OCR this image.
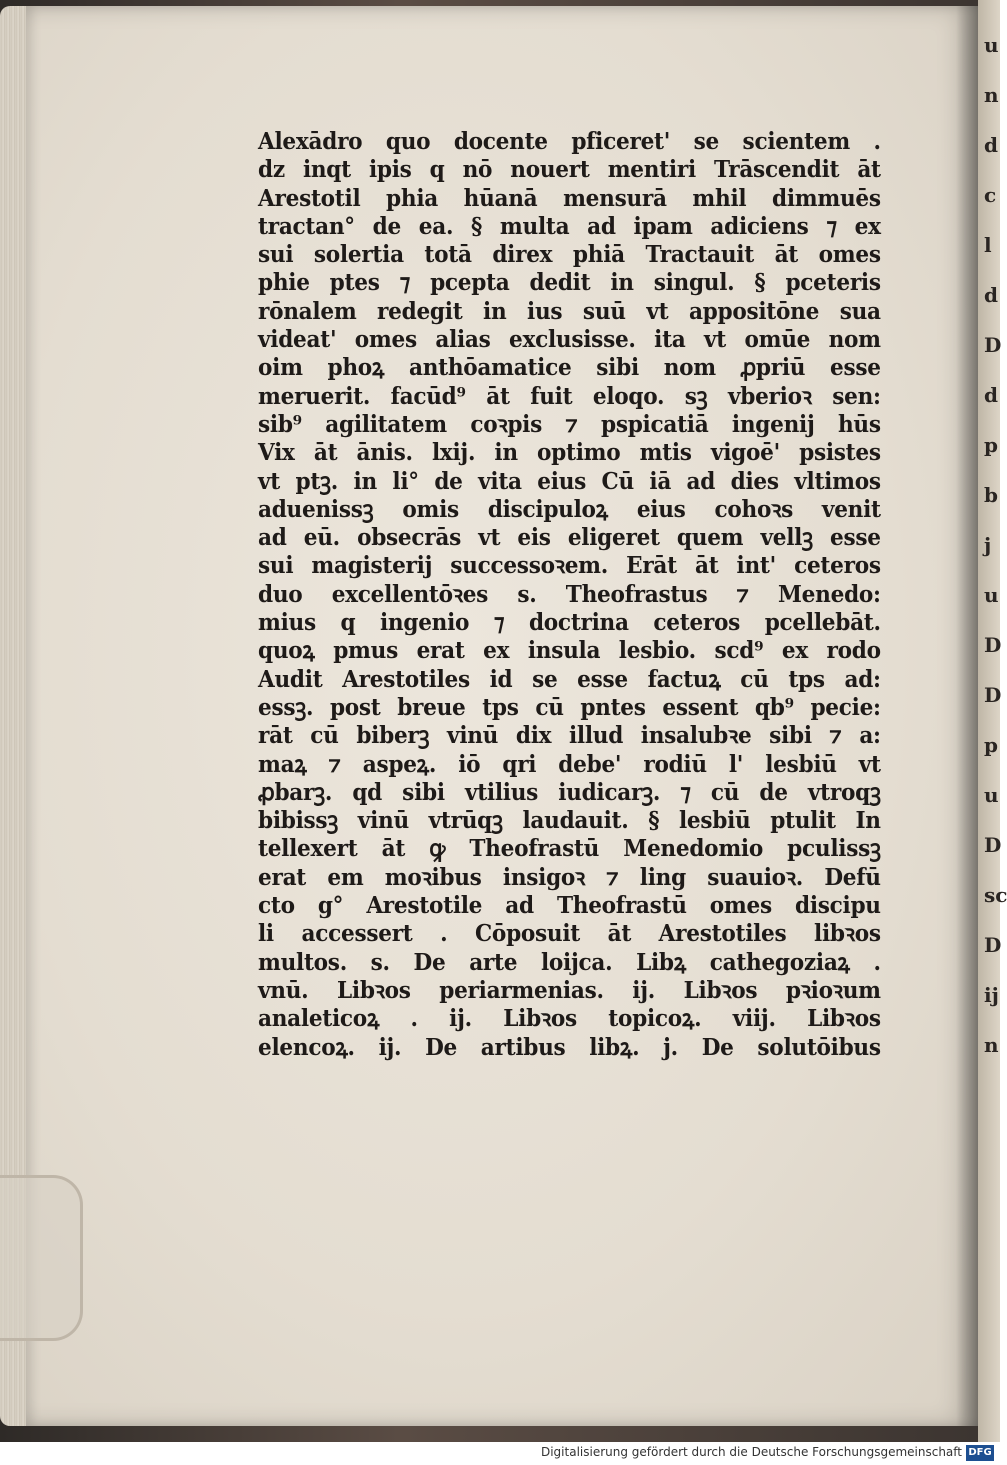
u
n
d
c
l
d
D
d
p
b
j
u
D
D
p
u
D
sc
D
ij
n
Alexādro quo docente pficeret' se scientem .
dz inqt ipis q nō nouert mentiri Trāscendit āt
Arestotil phia hūanā mensurā mhil dimmuēs
tractan° de ea. § multa ad ipam adiciens ⁊ ex
sui solertia totā direx phiā Tractauit āt omes
phie ptes ⁊ pcepta dedit in singul. § pceteris
rōnalem redegit in ius suū vt appositōne sua
videat' omes alias exclusisse. ita vt omūe nom
oim phoꝝ anthōamatice sibi nom ꝓpriū esse
meruerit. facūd⁹ āt fuit eloqo. sꝫ vberioꝛ sen:
sib⁹ agilitatem coꝛpis ⁊ pspicatiā ingenij hūs
Vix āt ānis. lxij. in optimo mtis vigoē' psistes
vt ptꝫ. in li° de vita eius Cū iā ad dies vltimos
aduenissꝫ omis discipuloꝝ eius cohoꝛs venit
ad eū. obsecrās vt eis eligeret quem vellꝫ esse
sui magisterij successoꝛem. Erāt āt int' ceteros
duo excellentōꝛes s. Theofrastus ⁊ Menedo:
mius q ingenio ⁊ doctrina ceteros pcellebāt.
quoꝝ pmus erat ex insula lesbio. scd⁹ ex rodo
Audit Arestotiles id se esse factuꝝ cū tps ad:
essꝫ. post breue tps cū pntes essent qb⁹ pecie:
rāt cū biberꝫ vinū dix illud insalubꝛe sibi ⁊ a:
maꝝ ⁊ aspeꝝ. iō qri debe' rodiū l' lesbiū vt
ꝓbarꝫ. qd sibi vtilius iudicarꝫ. ⁊ cū de vtroqꝫ
bibissꝫ vinū vtrūqꝫ laudauit. § lesbiū ptulit In
tellexert āt ꝙ Theofrastū Menedomio pculissꝫ
erat em moꝛibus insigoꝛ ⁊ ling suauioꝛ. Defū
cto g° Arestotile ad Theofrastū omes discipu
li accessert . Cōposuit āt Arestotiles libꝛos
multos. s. De arte loijca. Libꝝ cathegoziaꝝ .
vnū. Libꝛos periarmenias. ij. Libꝛos pꝛioꝛum
analeticoꝝ . ij. Libꝛos topicoꝝ. viij. Libꝛos
elencoꝝ. ij. De artibus libꝝ. j. De solutōibus
Digitalisierung gefördert durch die Deutsche Forschungsgemeinschaft DFG
